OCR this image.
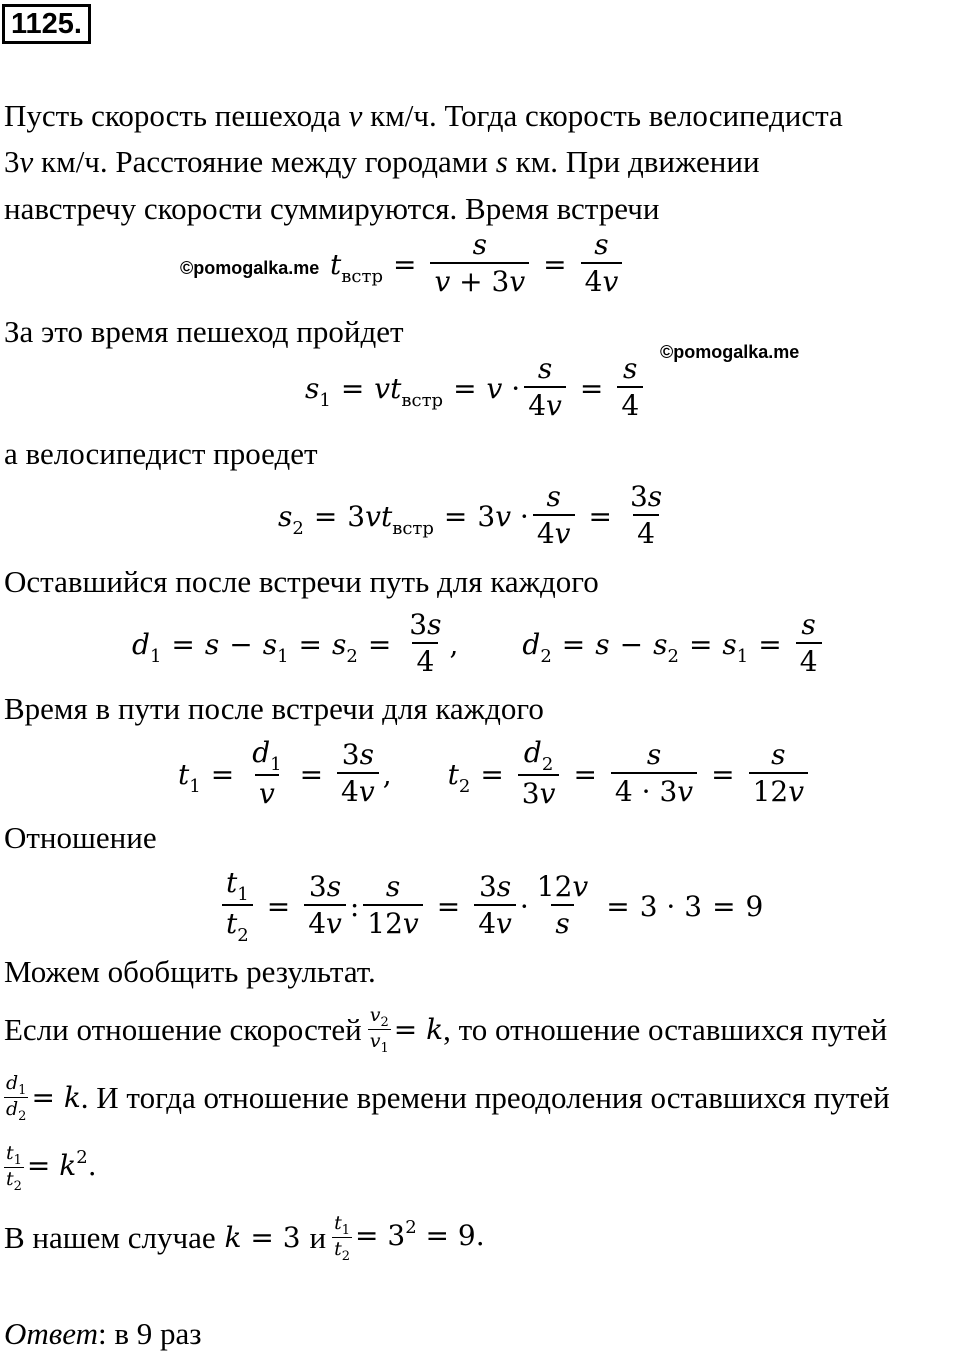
1125.
Пусть скорость пешехода v км/ч. Тогда скорость велосипедиста
3v км/ч. Расстояние между городами s км. При движении
навстречу скорости суммируются. Время встречи
©pomogalka.me $t_{встр} = \frac{s}{v + 3v} = \frac{s}{4v}$
За это время пешеход пройдет
©pomogalka.me
$s_1 = vt_{встр} = v \cdot \frac{s}{4v} = \frac{s}{4}$
а велосипедист проедет
$s_2 = 3vt_{встр} = 3v \cdot \frac{s}{4v} = \frac{3s}{4}$
Оставшийся после встречи путь для каждого
$d_1 = s - s_1 = s_2 = \frac{3s}{4}$ , $d_2 = s - s_2 = s_1 = \frac{s}{4}$
Время в пути после встречи для каждого
$t_1 = \frac{d_1}{v} = \frac{3s}{4v}$ , $t_2 = \frac{d_2}{3v} = \frac{s}{4 \cdot 3v} = \frac{s}{12v}$
Отношение
$\frac{t_1}{t_2} = \frac{3s}{4v}$ : $\frac{s}{12v} = \frac{3s}{4v} \cdot \frac{12v}{s} = 3 \cdot 3 = 9$
Можем обобщить результат.
Если отношение скоростей $\frac{v_2}{v_1} = k$ , то отношение оставшихся путей
$\frac{d_1}{d_2} = k$ . И тогда отношение времени преодоления оставшихся путей
$\frac{t_1}{t_2} = k^2$.
В нашем случае k = 3 и $\frac{t_1}{t_2} = 3^2 = 9$.
Ответ: в 9 раз
